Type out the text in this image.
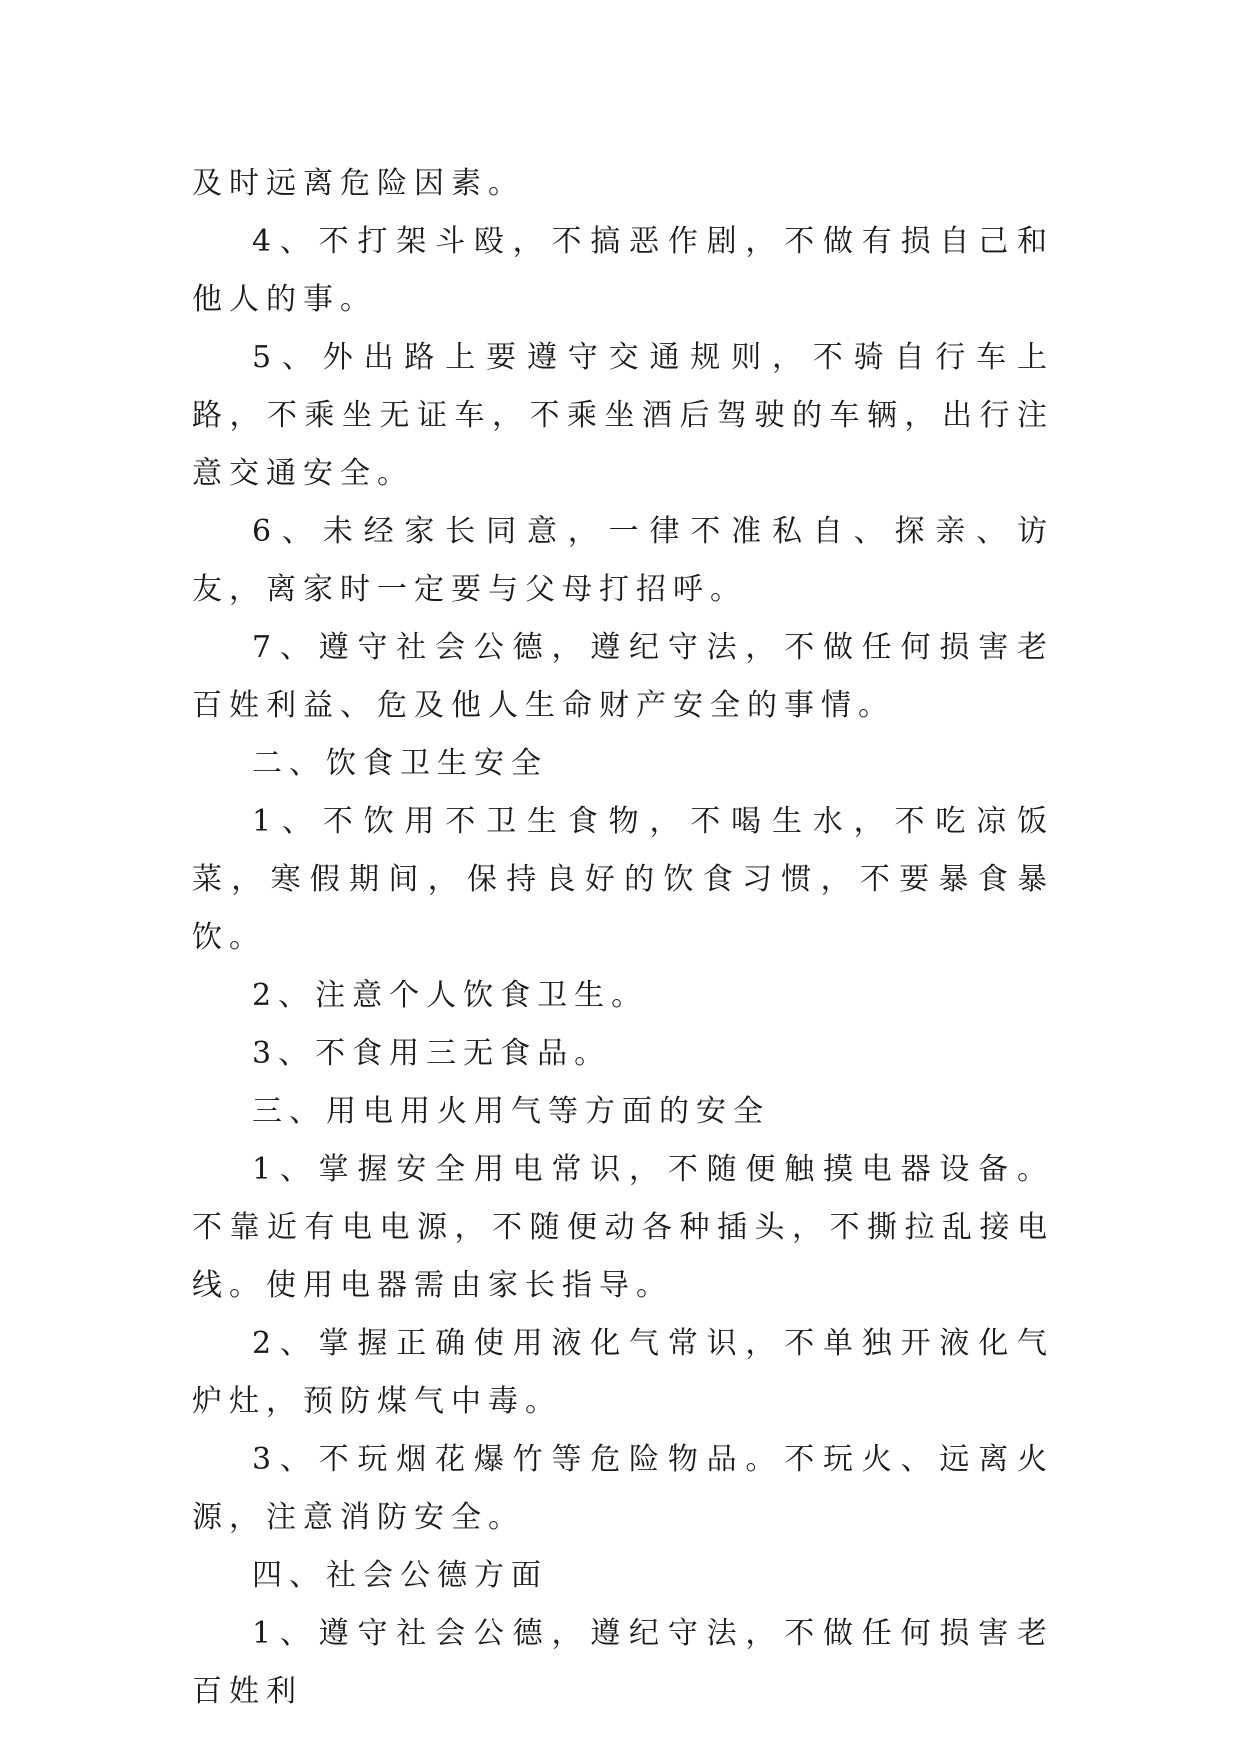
及时远离危险因素。

4、不打架斗殴，不搞恶作剧，不做有损自己和他人的事。

5、外出路上要遵守交通规则，不骑自行车上路，不乘坐无证车，不乘坐酒后驾驶的车辆，出行注意交通安全。

6、未经家长同意，一律不准私自、探亲、访友，离家时一定要与父母打招呼。

7、遵守社会公德，遵纪守法，不做任何损害老百姓利益、危及他人生命财产安全的事情。

二、饮食卫生安全

1、不饮用不卫生食物，不喝生水，不吃凉饭菜，寒假期间，保持良好的饮食习惯，不要暴食暴饮。

2、注意个人饮食卫生。

3、不食用三无食品。

三、用电用火用气等方面的安全

1、掌握安全用电常识，不随便触摸电器设备。不靠近有电电源，不随便动各种插头，不撕拉乱接电线。使用电器需由家长指导。

2、掌握正确使用液化气常识，不单独开液化气炉灶，预防煤气中毒。

3、不玩烟花爆竹等危险物品。不玩火、远离火源，注意消防安全。

四、社会公德方面

1、遵守社会公德，遵纪守法，不做任何损害老百姓利
